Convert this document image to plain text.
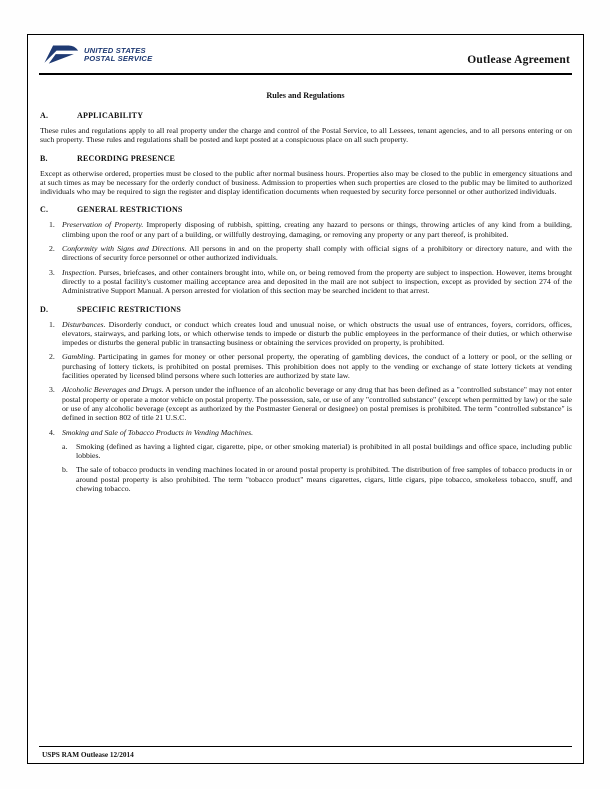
UNITED STATES
POSTAL SERVICE	Outlease Agreement
Rules and Regulations
A.	APPLICABILITY
These rules and regulations apply to all real property under the charge and control of the Postal Service, to all Lessees, tenant agencies, and to all persons entering or on such property. These rules and regulations shall be posted and kept posted at a conspicuous place on all such property.
B.	RECORDING PRESENCE
Except as otherwise ordered, properties must be closed to the public after normal business hours. Properties also may be closed to the public in emergency situations and at such times as may be necessary for the orderly conduct of business. Admission to properties when such properties are closed to the public may be limited to authorized individuals who may be required to sign the register and display identification documents when requested by security force personnel or other authorized individuals.
C.	GENERAL RESTRICTIONS
1. Preservation of Property. Improperly disposing of rubbish, spitting, creating any hazard to persons or things, throwing articles of any kind from a building, climbing upon the roof or any part of a building, or willfully destroying, damaging, or removing any property or any part thereof, is prohibited.
2. Conformity with Signs and Directions. All persons in and on the property shall comply with official signs of a prohibitory or directory nature, and with the directions of security force personnel or other authorized individuals.
3. Inspection. Purses, briefcases, and other containers brought into, while on, or being removed from the property are subject to inspection. However, items brought directly to a postal facility's customer mailing acceptance area and deposited in the mail are not subject to inspection, except as provided by section 274 of the Administrative Support Manual. A person arrested for violation of this section may be searched incident to that arrest.
D.	SPECIFIC RESTRICTIONS
1. Disturbances. Disorderly conduct, or conduct which creates loud and unusual noise, or which obstructs the usual use of entrances, foyers, corridors, offices, elevators, stairways, and parking lots, or which otherwise tends to impede or disturb the public employees in the performance of their duties, or which otherwise impedes or disturbs the general public in transacting business or obtaining the services provided on property, is prohibited.
2. Gambling. Participating in games for money or other personal property, the operating of gambling devices, the conduct of a lottery or pool, or the selling or purchasing of lottery tickets, is prohibited on postal premises. This prohibition does not apply to the vending or exchange of state lottery tickets at vending facilities operated by licensed blind persons where such lotteries are authorized by state law.
3. Alcoholic Beverages and Drugs. A person under the influence of an alcoholic beverage or any drug that has been defined as a "controlled substance" may not enter postal property or operate a motor vehicle on postal property. The possession, sale, or use of any "controlled substance" (except when permitted by law) or the sale or use of any alcoholic beverage (except as authorized by the Postmaster General or designee) on postal premises is prohibited. The term "controlled substance" is defined in section 802 of title 21 U.S.C.
4. Smoking and Sale of Tobacco Products in Vending Machines.
a. Smoking (defined as having a lighted cigar, cigarette, pipe, or other smoking material) is prohibited in all postal buildings and office space, including public lobbies.
b. The sale of tobacco products in vending machines located in or around postal property is prohibited. The distribution of free samples of tobacco products in or around postal property is also prohibited. The term "tobacco product" means cigarettes, cigars, little cigars, pipe tobacco, smokeless tobacco, snuff, and chewing tobacco.
USPS RAM Outlease 12/2014
